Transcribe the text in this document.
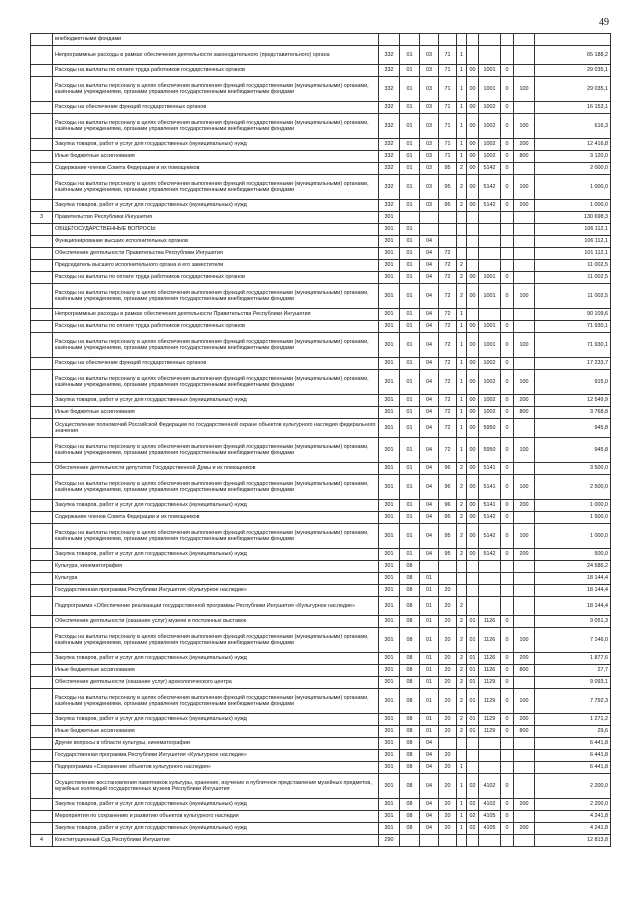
49
	внебюджетными фондами										
	Непрограммные расходы в рамках обеспечения деятельности законодательного (представительного) органа	332	01	03	71	1					65 188,2
	Расходы на выплаты по оплате труда работников государственных органов	332	01	03	71	1	00	1001	0		29 035,1
	Расходы на выплаты персоналу в целях обеспечения выполнения функций государственными (муниципальными) органами, казёнными учреждениями, органами управления государственными внебюджетными фондами	332	01	03	71	1	00	1001	0	100	29 035,1
	Расходы на обеспечение функций государственных органов	332	01	03	71	1	00	1002	0		16 153,1
	Расходы на выплаты персоналу в целях обеспечения выполнения функций государственными (муниципальными) органами, казёнными учреждениями, органами управления государственными внебюджетными фондами	332	01	03	71	1	00	1002	0	100	616,3
	Закупка товаров, работ и услуг для государственных (муниципальных) нужд	332	01	03	71	1	00	1002	0	200	12 416,8
	Иные бюджетные ассигнования	332	01	03	71	1	00	1002	0	800	3 120,0
	Содержание членов Совета Федерации и их помощников	332	01	03	95	2	00	5142	0		2 000,0
	Расходы на выплаты персоналу в целях обеспечения выполнения функций государственными (муниципальными) органами, казёнными учреждениями, органами управления государственными внебюджетными фондами	332	01	03	95	2	00	5142	0	100	1 000,0
	Закупка товаров, работ и услуг для государственных (муниципальных) нужд	332	01	03	95	2	00	5142	0	200	1 000,0
3	Правительство Республики Ингушетия	301									130 698,3
	ОБЩЕГОСУДАРСТВЕННЫЕ ВОПРОСЫ	301	01								106 112,1
	Функционирование высших исполнительных органов	301	01	04							106 112,1
	Обеспечение деятельности Правительства Республики Ингушетия	301	01	04	72						101 112,1
	Председатель высшего исполнительного органа и его заместители	301	01	04	72	2					11 002,5
	Расходы на выплаты по оплате труда работников государственных органов	301	01	04	72	2	00	1001	0		11 002,5
	Расходы на выплаты персоналу в целях обеспечения выполнения функций государственными (муниципальными) органами, казёнными учреждениями, органами управления государственными внебюджетными фондами	301	01	04	72	2	00	1001	0	100	11 002,5
	Непрограммные расходы в рамках обеспечения деятельности Правительства Республики Ингушетия	301	01	04	72	1					90 109,6
	Расходы на выплаты по оплате труда работников государственных органов	301	01	04	72	1	00	1001	0		71 930,1
	Расходы на выплаты персоналу в целях обеспечения выполнения функций государственными (муниципальными) органами, казёнными учреждениями, органами управления государственными внебюджетными фондами	301	01	04	72	1	00	1001	0	100	71 930,1
	Расходы на обеспечение функций государственных органов	301	01	04	72	1	00	1002	0		17 233,7
	Расходы на выплаты персоналу в целях обеспечения выполнения функций государственными (муниципальными) органами, казёнными учреждениями, органами управления государственными внебюджетными фондами	301	01	04	72	1	00	1002	0	100	915,0
	Закупка товаров, работ и услуг для государственных (муниципальных) нужд	301	01	04	72	1	00	1002	0	200	12 549,9
	Иные бюджетные ассигнования	301	01	04	72	1	00	1002	0	800	3 768,8
	Осуществление полномочий Российской Федерации по государственной охране объектов культурного наследия федерального значения	301	01	04	72	1	00	5950	0		945,8
	Расходы на выплаты персоналу в целях обеспечения выполнения функций государственными (муниципальными) органами, казёнными учреждениями, органами управления государственными внебюджетными фондами	301	01	04	72	1	00	5950	0	100	945,8
	Обеспечение деятельности депутатов Государственной Думы и их помощников	301	01	04	96	2	00	5141	0		3 500,0
	Расходы на выплаты персоналу в целях обеспечения выполнения функций государственными (муниципальными) органами, казёнными учреждениями, органами управления государственными внебюджетными фондами	301	01	04	96	2	00	5141	0	100	2 500,0
	Закупка товаров, работ и услуг для государственных (муниципальных) нужд	301	01	04	96	2	00	5141	0	200	1 000,0
	Содержание членов Совета Федерации и их помощников	301	01	04	95	2	00	5142	0		1 500,0
	Расходы на выплаты персоналу в целях обеспечения выполнения функций государственными (муниципальными) органами, казёнными учреждениями, органами управления государственными внебюджетными фондами	301	01	04	95	2	00	5142	0	100	1 000,0
	Закупка товаров, работ и услуг для государственных (муниципальных) нужд	301	01	04	95	2	00	5142	0	200	500,0
	Культура, кинематография	301	08								24 586,2
	Культура	301	08	01							18 144,4
	Государственная программа Республики Ингушетия «Культурное наследие»	301	08	01	20						18 144,4
	Подпрограмма «Обеспечение реализации государственной программы Республики Ингушетия «Культурное наследие»	301	08	01	20	2					18 144,4
	Обеспечение деятельности (оказание услуг) музеев и постоянных выставок	301	08	01	20	2	01	1126	0		9 051,3
	Расходы на выплаты персоналу в целях обеспечения выполнения функций государственными (муниципальными) органами, казёнными учреждениями, органами управления государственными внебюджетными фондами	301	08	01	20	2	01	1126	0	100	7 146,0
	Закупка товаров, работ и услуг для государственных (муниципальных) нужд	301	08	01	20	2	01	1126	0	200	1 877,6
	Иные бюджетные ассигнования	301	08	01	20	2	01	1126	0	800	27,7
	Обеспечение деятельности (оказание услуг) археологического центра	301	08	01	20	2	01	1129	0		9 093,1
	Расходы на выплаты персоналу в целях обеспечения выполнения функций государственными (муниципальными) органами, казёнными учреждениями, органами управления государственными внебюджетными фондами	301	08	01	20	2	01	1129	0	100	7 792,3
	Закупка товаров, работ и услуг для государственных (муниципальных) нужд	301	08	01	20	2	01	1129	0	200	1 271,2
	Иные бюджетные ассигнования	301	08	01	20	2	01	1129	0	800	29,6
	Другие вопросы в области культуры, кинематографии	301	08	04							6 441,8
	Государственная программа Республики Ингушетия «Культурное наследие»	301	08	04	20						6 441,8
	Подпрограмма «Сохранение объектов культурного наследия»	301	08	04	20	1					6 441,8
	Осуществление восстановления памятников культуры, хранение, изучение и публичное представление музейных предметов, музейных коллекций государственных музеев Республики Ингушетия	301	08	04	20	1	02	4102	0		2 200,0
	Закупка товаров, работ и услуг для государственных (муниципальных) нужд	301	08	04	20	1	02	4102	0	200	2 200,0
	Мероприятия по сохранению и развитию объектов культурного наследия	301	08	04	20	1	02	4105	0		4 241,8
	Закупка товаров, работ и услуг для государственных (муниципальных) нужд	301	08	04	20	1	02	4105	0	200	4 241,8
4	Конституционный Суд Республики Ингушетия	290									12 813,8
